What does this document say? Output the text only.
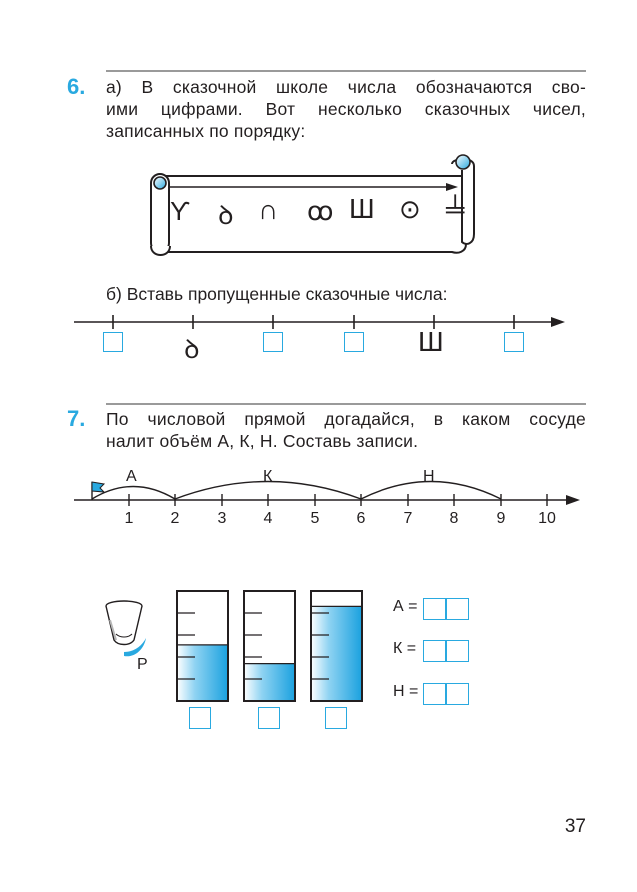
6. а) В сказочной школе числа обозначаются сво-
ими цифрами. Вот несколько сказочных чисел,
записанных по порядку:
ϒ ꝺ ∩ ꝏ Ш ⊙ ╧
б) Вставь пропущенные сказочные числа:
ꝺ	Ш
7. По числовой прямой догадайся, в каком сосуде
налит объём А, К, Н. Составь записи.
А	К	Н
1	2	3	4	5	6	7	8	9	10
Р
А =
К =
Н =
37
